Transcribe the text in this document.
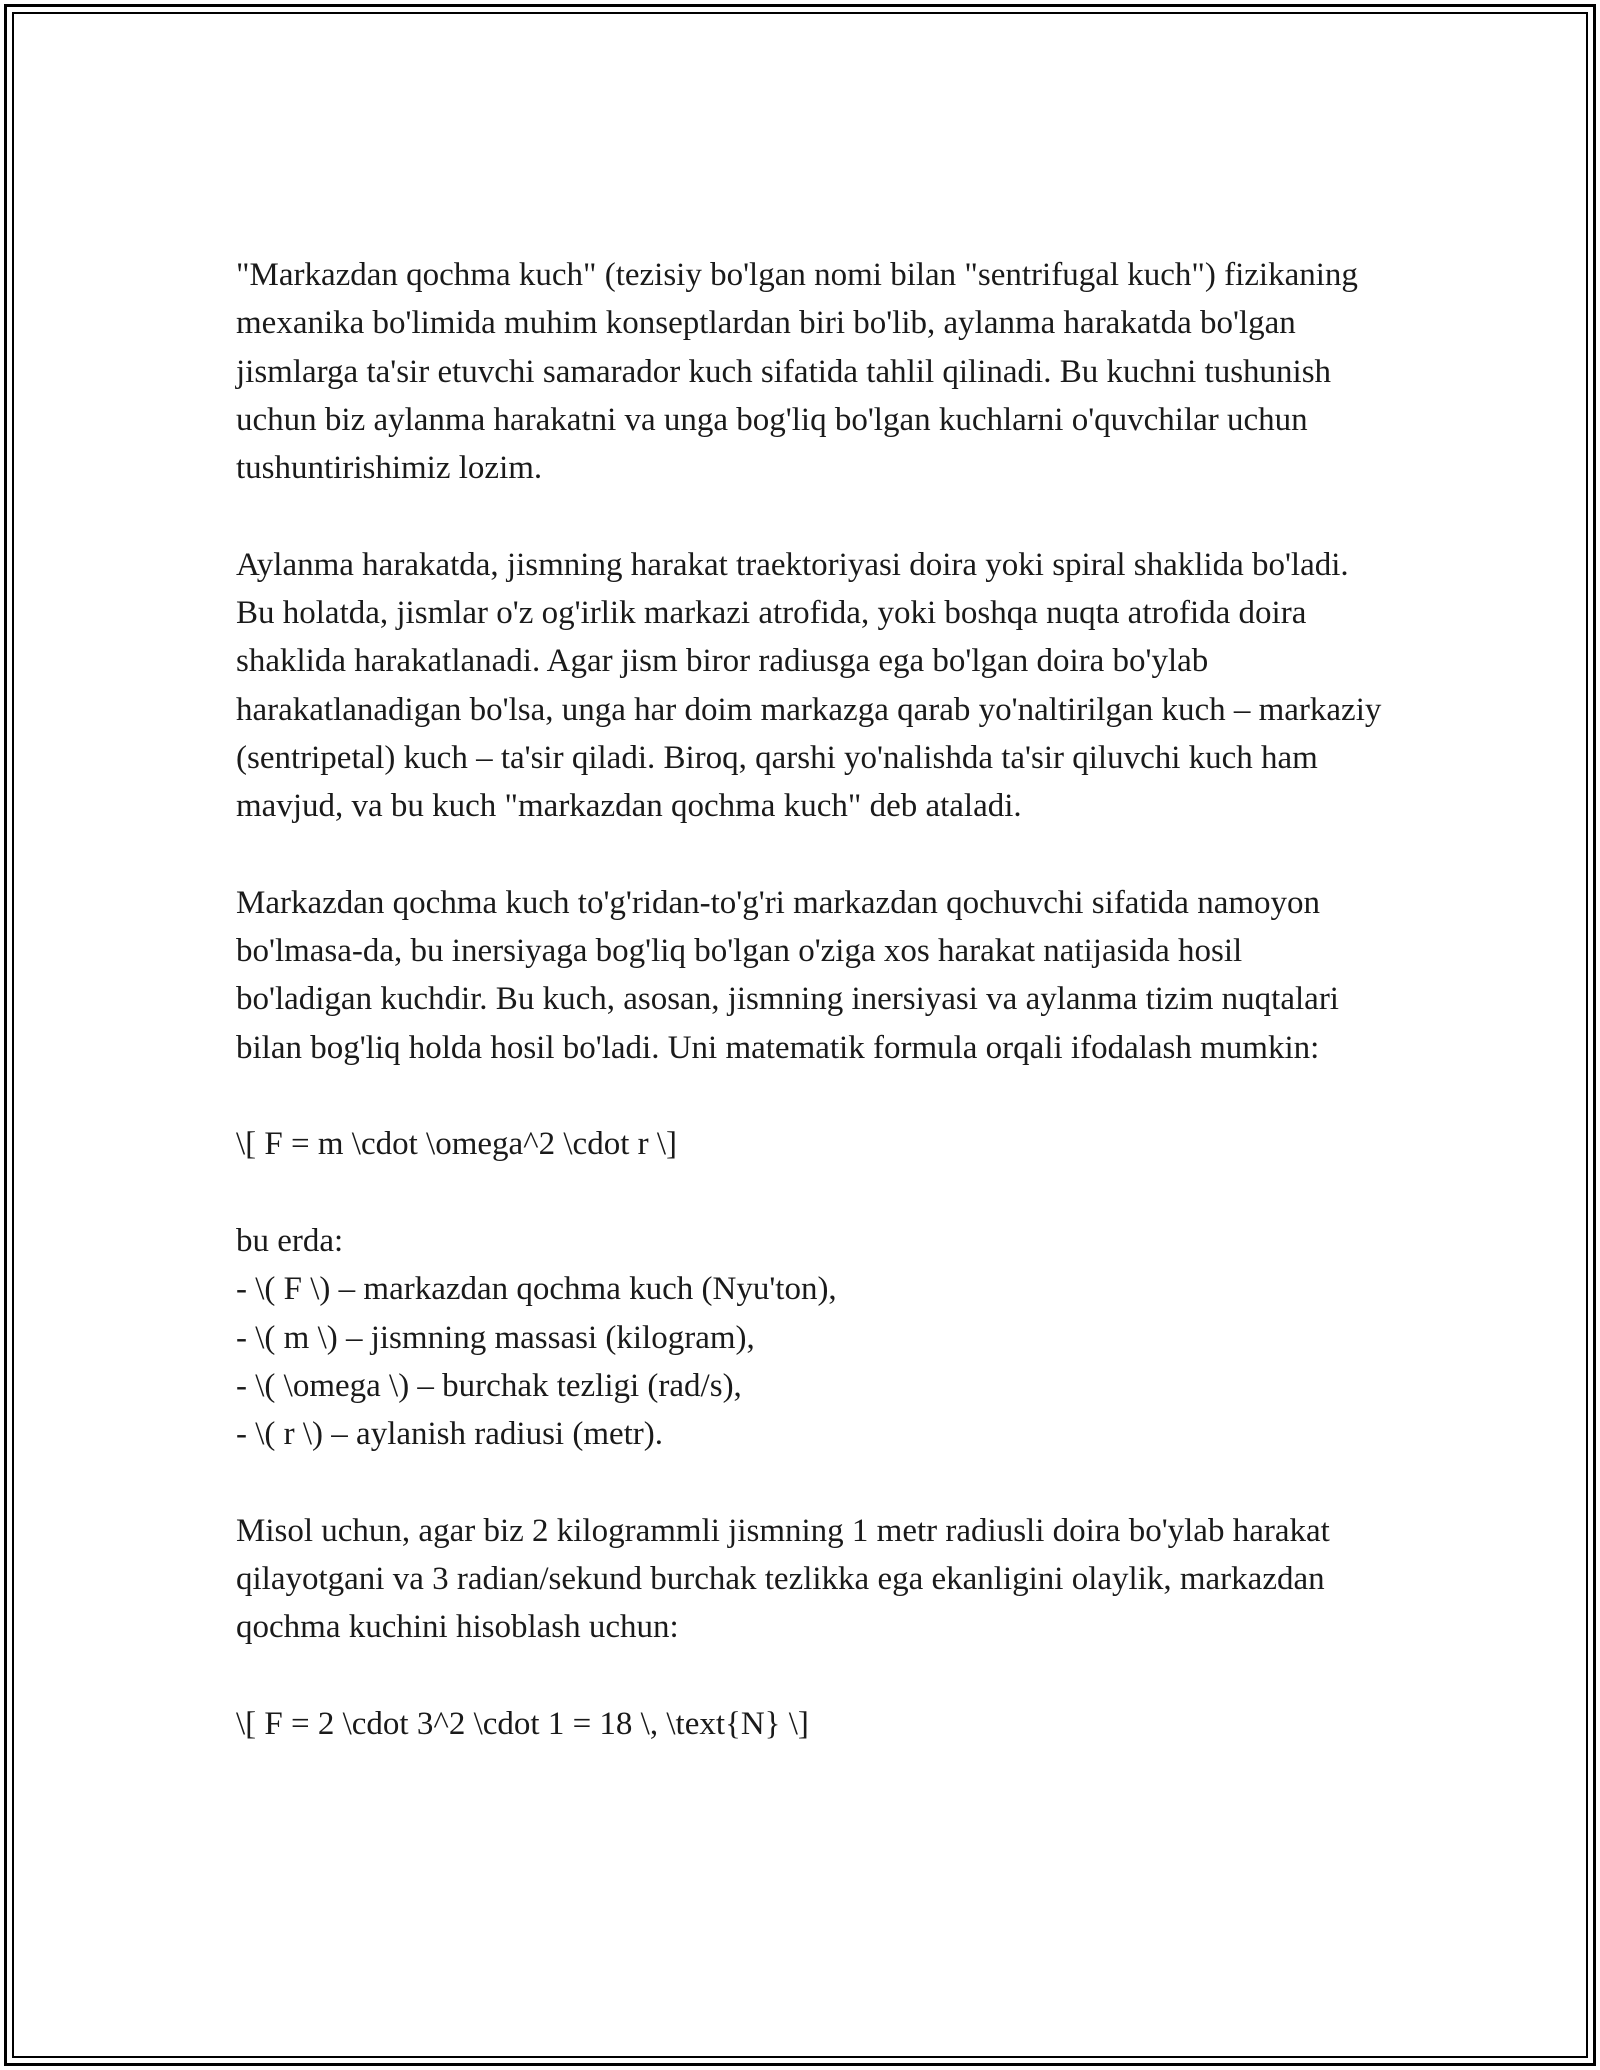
"Markazdan qochma kuch" (tezisiy bo'lgan nomi bilan "sentrifugal kuch") fizikaning mexanika bo'limida muhim konseptlardan biri bo'lib, aylanma harakatda bo'lgan jismlarga ta'sir etuvchi samarador kuch sifatida tahlil qilinadi. Bu kuchni tushunish uchun biz aylanma harakatni va unga bog'liq bo'lgan kuchlarni o'quvchilar uchun tushuntirishimiz lozim.

Aylanma harakatda, jismning harakat traektoriyasi doira yoki spiral shaklida bo'ladi. Bu holatda, jismlar o'z og'irlik markazi atrofida, yoki boshqa nuqta atrofida doira shaklida harakatlanadi. Agar jism biror radiusga ega bo'lgan doira bo'ylab harakatlanadigan bo'lsa, unga har doim markazga qarab yo'naltirilgan kuch – markaziy (sentripetal) kuch – ta'sir qiladi. Biroq, qarshi yo'nalishda ta'sir qiluvchi kuch ham mavjud, va bu kuch "markazdan qochma kuch" deb ataladi.

Markazdan qochma kuch to'g'ridan-to'g'ri markazdan qochuvchi sifatida namoyon bo'lmasa-da, bu inersiyaga bog'liq bo'lgan o'ziga xos harakat natijasida hosil bo'ladigan kuchdir. Bu kuch, asosan, jismning inersiyasi va aylanma tizim nuqtalari bilan bog'liq holda hosil bo'ladi. Uni matematik formula orqali ifodalash mumkin:

\[ F = m \cdot \omega^2 \cdot r \]

bu erda:

- \( F \) – markazdan qochma kuch (Nyu'ton),
- \( m \) – jismning massasi (kilogram),
- \( \omega \) – burchak tezligi (rad/s),
- \( r \) – aylanish radiusi (metr).

Misol uchun, agar biz 2 kilogrammli jismning 1 metr radiusli doira bo'ylab harakat qilayotgani va 3 radian/sekund burchak tezlikka ega ekanligini olaylik, markazdan qochma kuchini hisoblash uchun:

\[ F = 2 \cdot 3^2 \cdot 1 = 18 \, \text{N} \]
